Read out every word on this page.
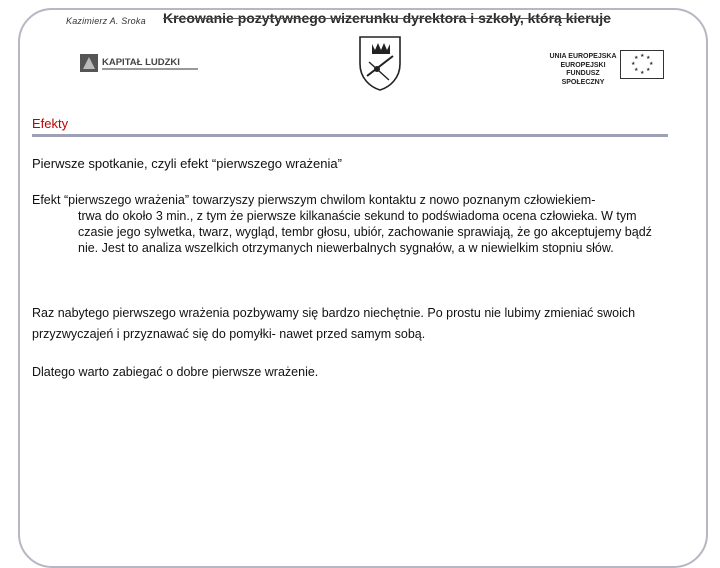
Kazimierz A. Sroka Kreowanie pozytywnego wizerunku dyrektora i szkoły, którą kieruje
KAPITAŁ LUDZKI
UNIA EUROPEJSKA
EUROPEJSKI
FUNDUSZ SPOŁECZNY
★ ★
★
★
★
★
★
★
Efekty
Pierwsze spotkanie, czyli efekt “pierwszego wrażenia”
Efekt “pierwszego wrażenia” towarzyszy pierwszym chwilom kontaktu z nowo poznanym człowiekiem-
trwa do około 3 min., z tym że pierwsze kilkanaście sekund to podświadoma ocena człowieka. W tym czasie jego sylwetka, twarz, wygląd, tembr głosu, ubiór, zachowanie sprawiają, że go akceptujemy bądź nie. Jest to analiza wszelkich otrzymanych niewerbalnych sygnałów, a w niewielkim stopniu słów.
Raz nabytego pierwszego wrażenia pozbywamy się bardzo niechętnie. Po prostu nie lubimy zmieniać swoich przyzwyczajeń i przyznawać się do pomyłki- nawet przed samym sobą.
Dlatego warto zabiegać o dobre pierwsze wrażenie.
